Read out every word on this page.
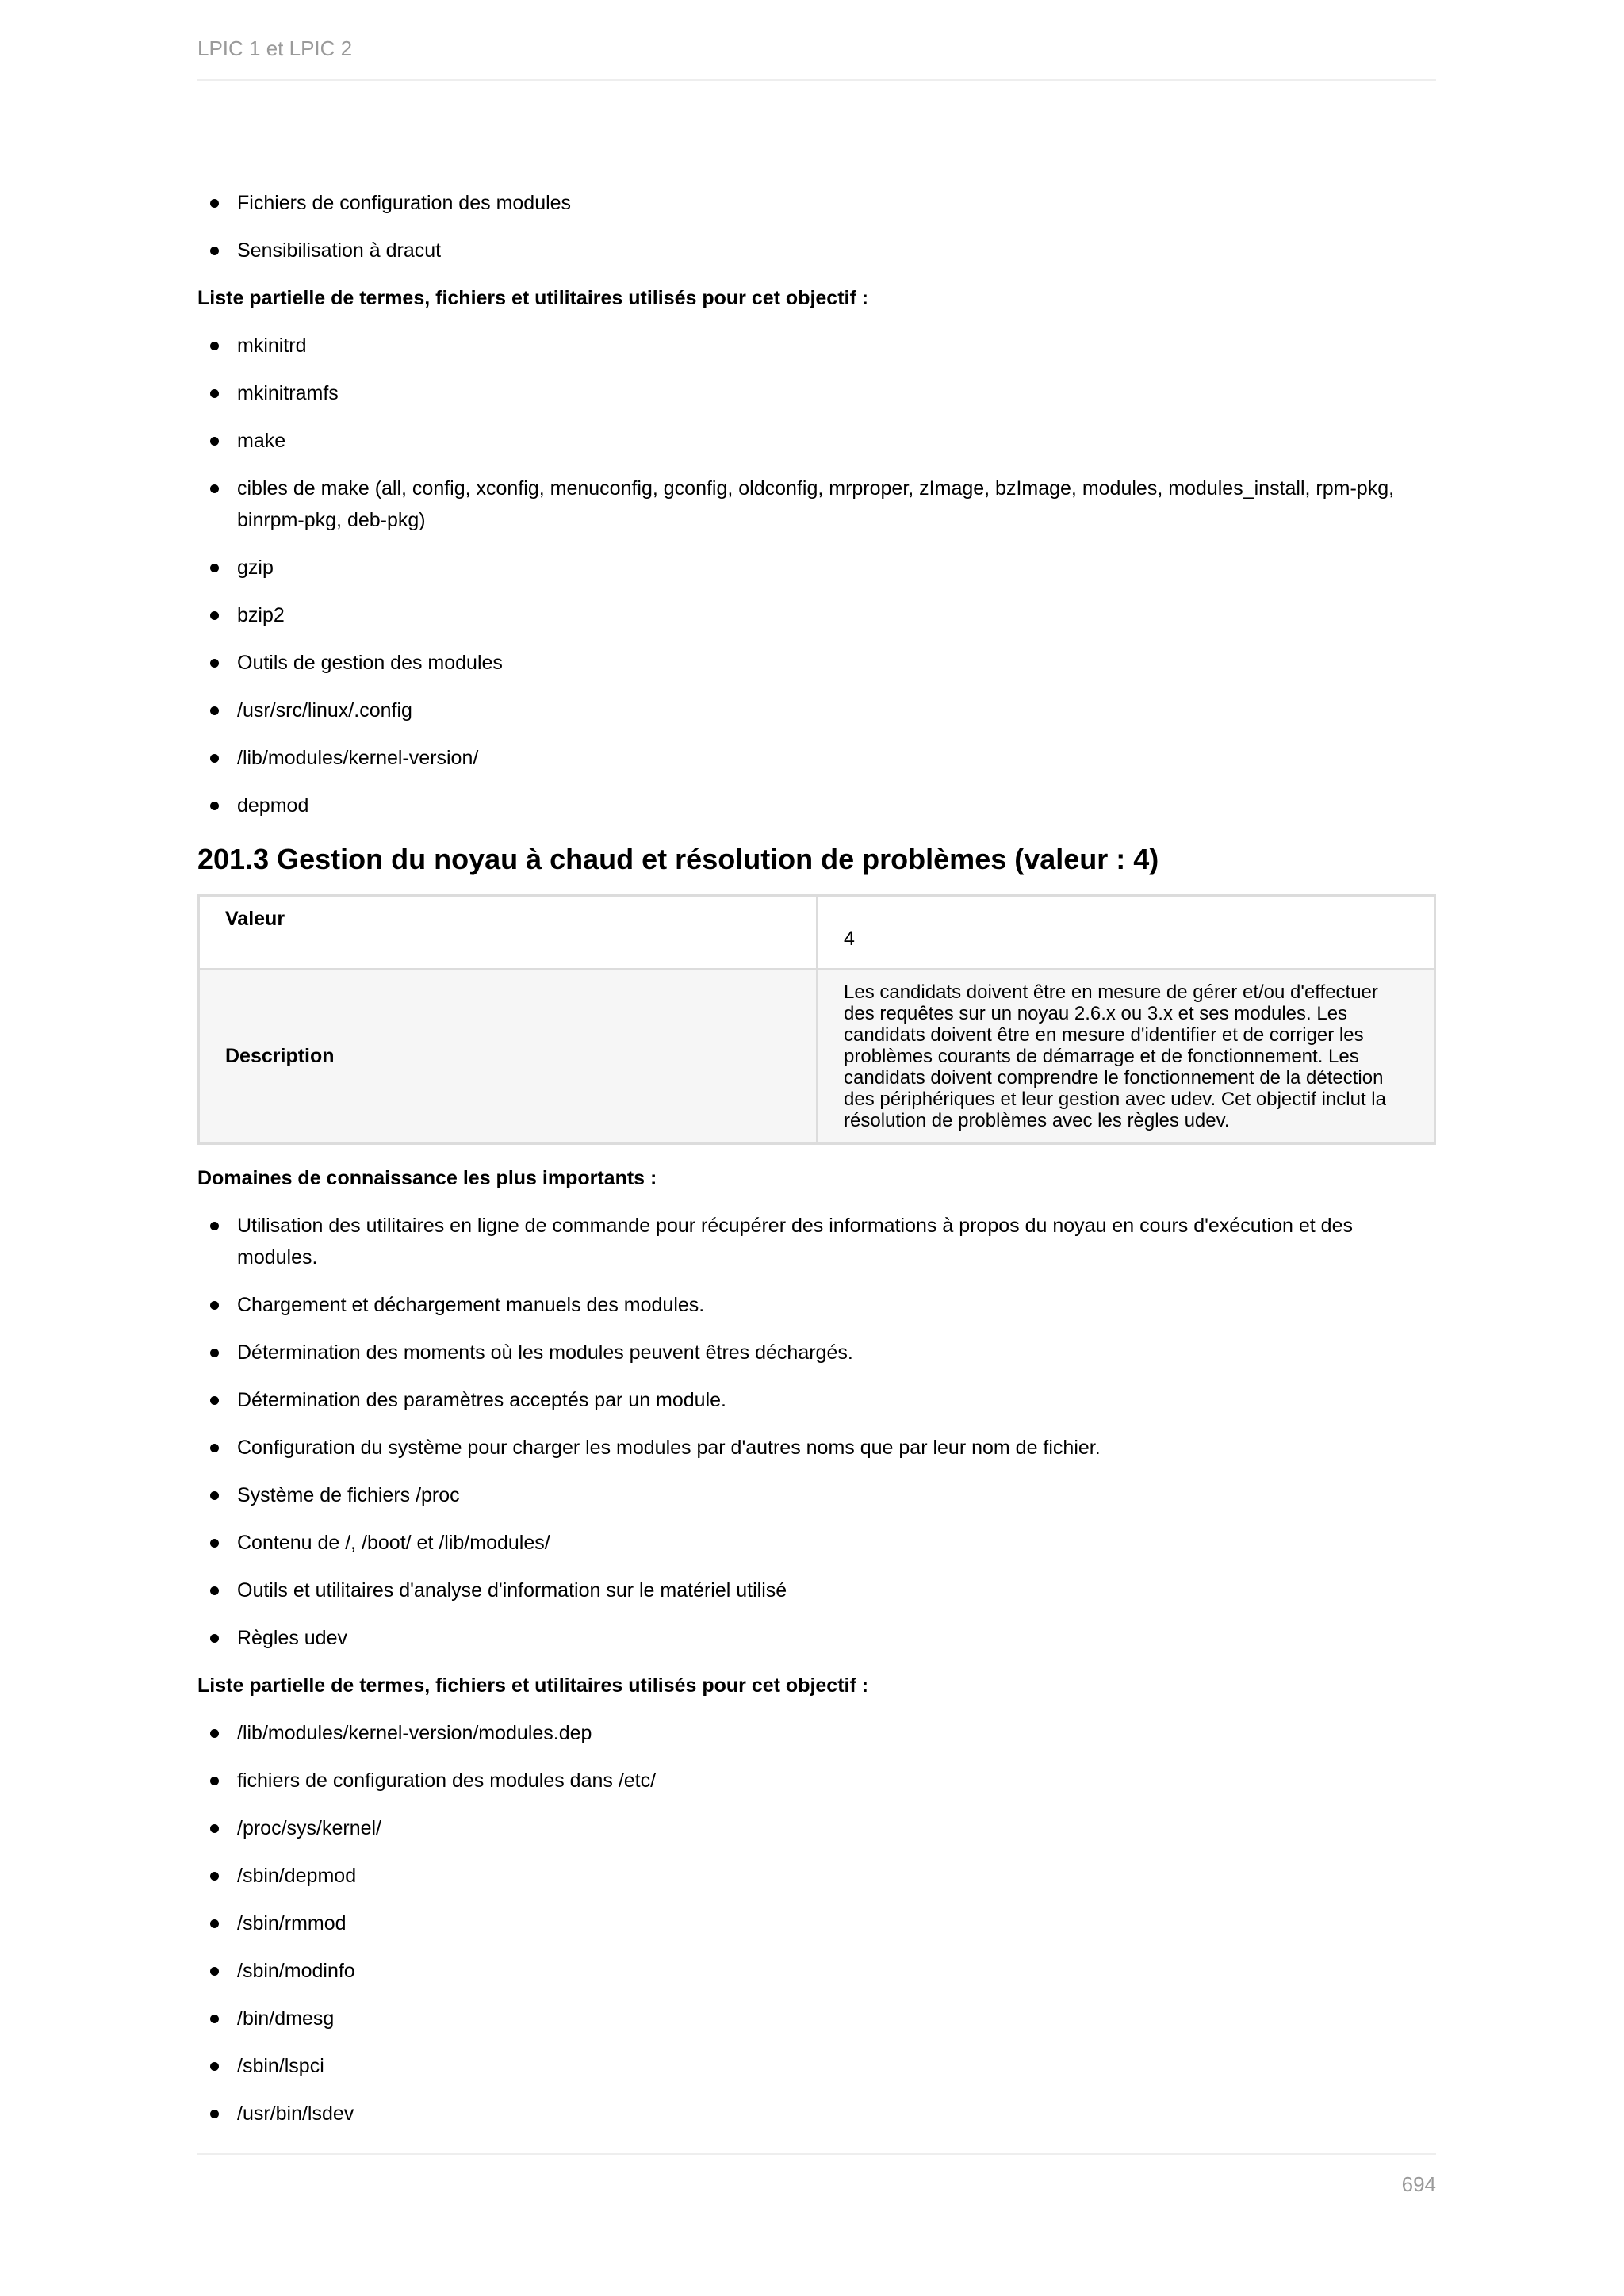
LPIC 1 et LPIC 2
Fichiers de configuration des modules
Sensibilisation à dracut

Liste partielle de termes, fichiers et utilitaires utilisés pour cet objectif :

mkinitrd
mkinitramfs
make
cibles de make (all, config, xconfig, menuconfig, gconfig, oldconfig, mrproper, zImage, bzImage, modules, modules_install, rpm-pkg, binrpm-pkg, deb-pkg)
gzip
bzip2
Outils de gestion des modules
/usr/src/linux/.config
/lib/modules/kernel-version/
depmod
201.3 Gestion du noyau à chaud et résolution de problèmes (valeur : 4)
Valeur	4
Description	Les candidats doivent être en mesure de gérer et/ou d'effectuer des requêtes sur un noyau 2.6.x ou 3.x et ses modules. Les candidats doivent être en mesure d'identifier et de corriger les problèmes courants de démarrage et de fonctionnement. Les candidats doivent comprendre le fonctionnement de la détection des périphériques et leur gestion avec udev. Cet objectif inclut la résolution de problèmes avec les règles udev.

Domaines de connaissance les plus importants :

Utilisation des utilitaires en ligne de commande pour récupérer des informations à propos du noyau en cours d'exécution et des modules.
Chargement et déchargement manuels des modules.
Détermination des moments où les modules peuvent êtres déchargés.
Détermination des paramètres acceptés par un module.
Configuration du système pour charger les modules par d'autres noms que par leur nom de fichier.
Système de fichiers /proc
Contenu de /, /boot/ et /lib/modules/
Outils et utilitaires d'analyse d'information sur le matériel utilisé
Règles udev

Liste partielle de termes, fichiers et utilitaires utilisés pour cet objectif :

/lib/modules/kernel-version/modules.dep
fichiers de configuration des modules dans /etc/
/proc/sys/kernel/
/sbin/depmod
/sbin/rmmod
/sbin/modinfo
/bin/dmesg
/sbin/lspci
/usr/bin/lsdev
694
